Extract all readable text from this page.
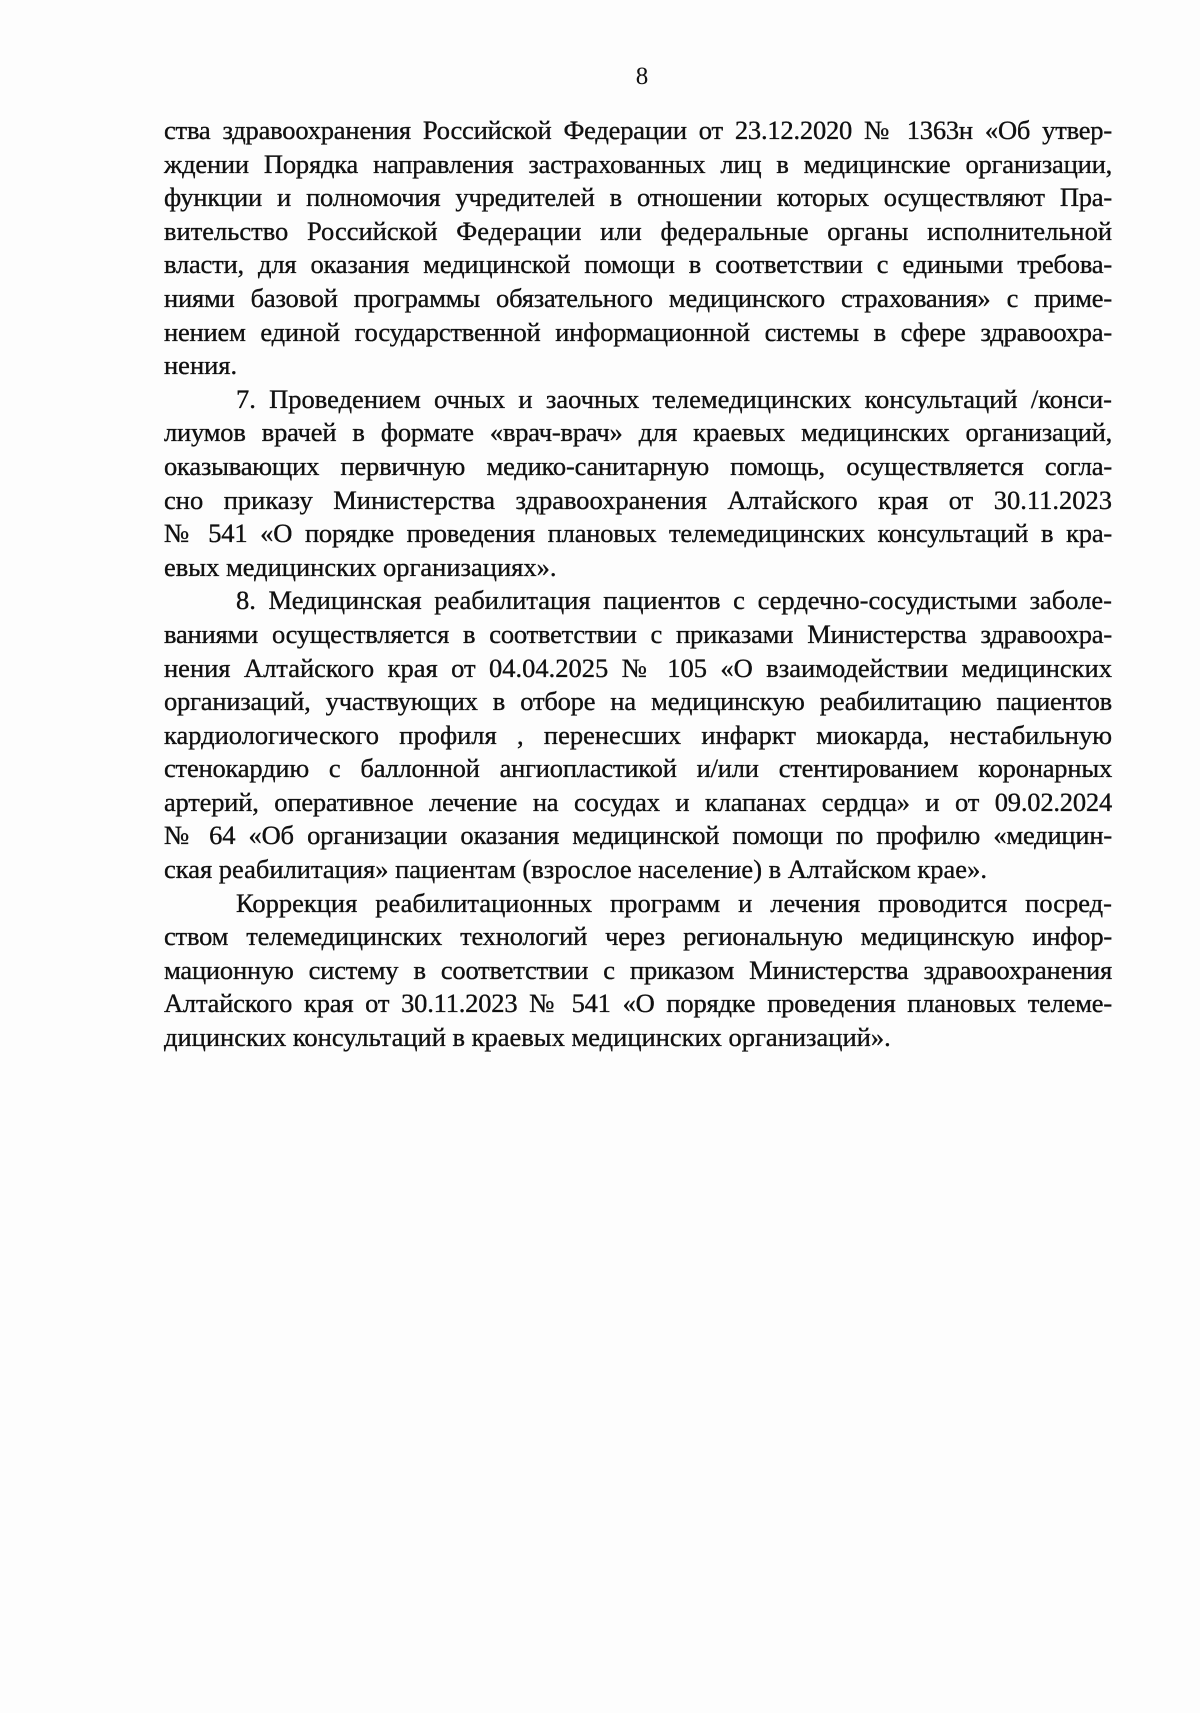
8
ства здравоохранения Российской Федерации от 23.12.2020 № 1363н «Об утвер-
ждении Порядка направления застрахованных лиц в медицинские организации,
функции и полномочия учредителей в отношении которых осуществляют Пра-
вительство Российской Федерации или федеральные органы исполнительной
власти, для оказания медицинской помощи в соответствии с едиными требова-
ниями базовой программы обязательного медицинского страхования» с приме-
нением единой государственной информационной системы в сфере здравоохра-
нения.
7. Проведением очных и заочных телемедицинских консультаций /конси-
лиумов врачей в формате «врач-врач» для краевых медицинских организаций,
оказывающих первичную медико-санитарную помощь, осуществляется согла-
сно приказу Министерства здравоохранения Алтайского края от 30.11.2023
№ 541 «О порядке проведения плановых телемедицинских консультаций в кра-
евых медицинских организациях».
8. Медицинская реабилитация пациентов с сердечно-сосудистыми заболе-
ваниями осуществляется в соответствии с приказами Министерства здравоохра-
нения Алтайского края от 04.04.2025 № 105 «О взаимодействии медицинских
организаций, участвующих в отборе на медицинскую реабилитацию пациентов
кардиологического профиля , перенесших инфаркт миокарда, нестабильную
стенокардию с баллонной ангиопластикой и/или стентированием коронарных
артерий, оперативное лечение на сосудах и клапанах сердца» и от 09.02.2024
№ 64 «Об организации оказания медицинской помощи по профилю «медицин-
ская реабилитация» пациентам (взрослое население) в Алтайском крае».
Коррекция реабилитационных программ и лечения проводится посред-
ством телемедицинских технологий через региональную медицинскую инфор-
мационную систему в соответствии с приказом Министерства здравоохранения
Алтайского края от 30.11.2023 № 541 «О порядке проведения плановых телеме-
дицинских консультаций в краевых медицинских организаций».
